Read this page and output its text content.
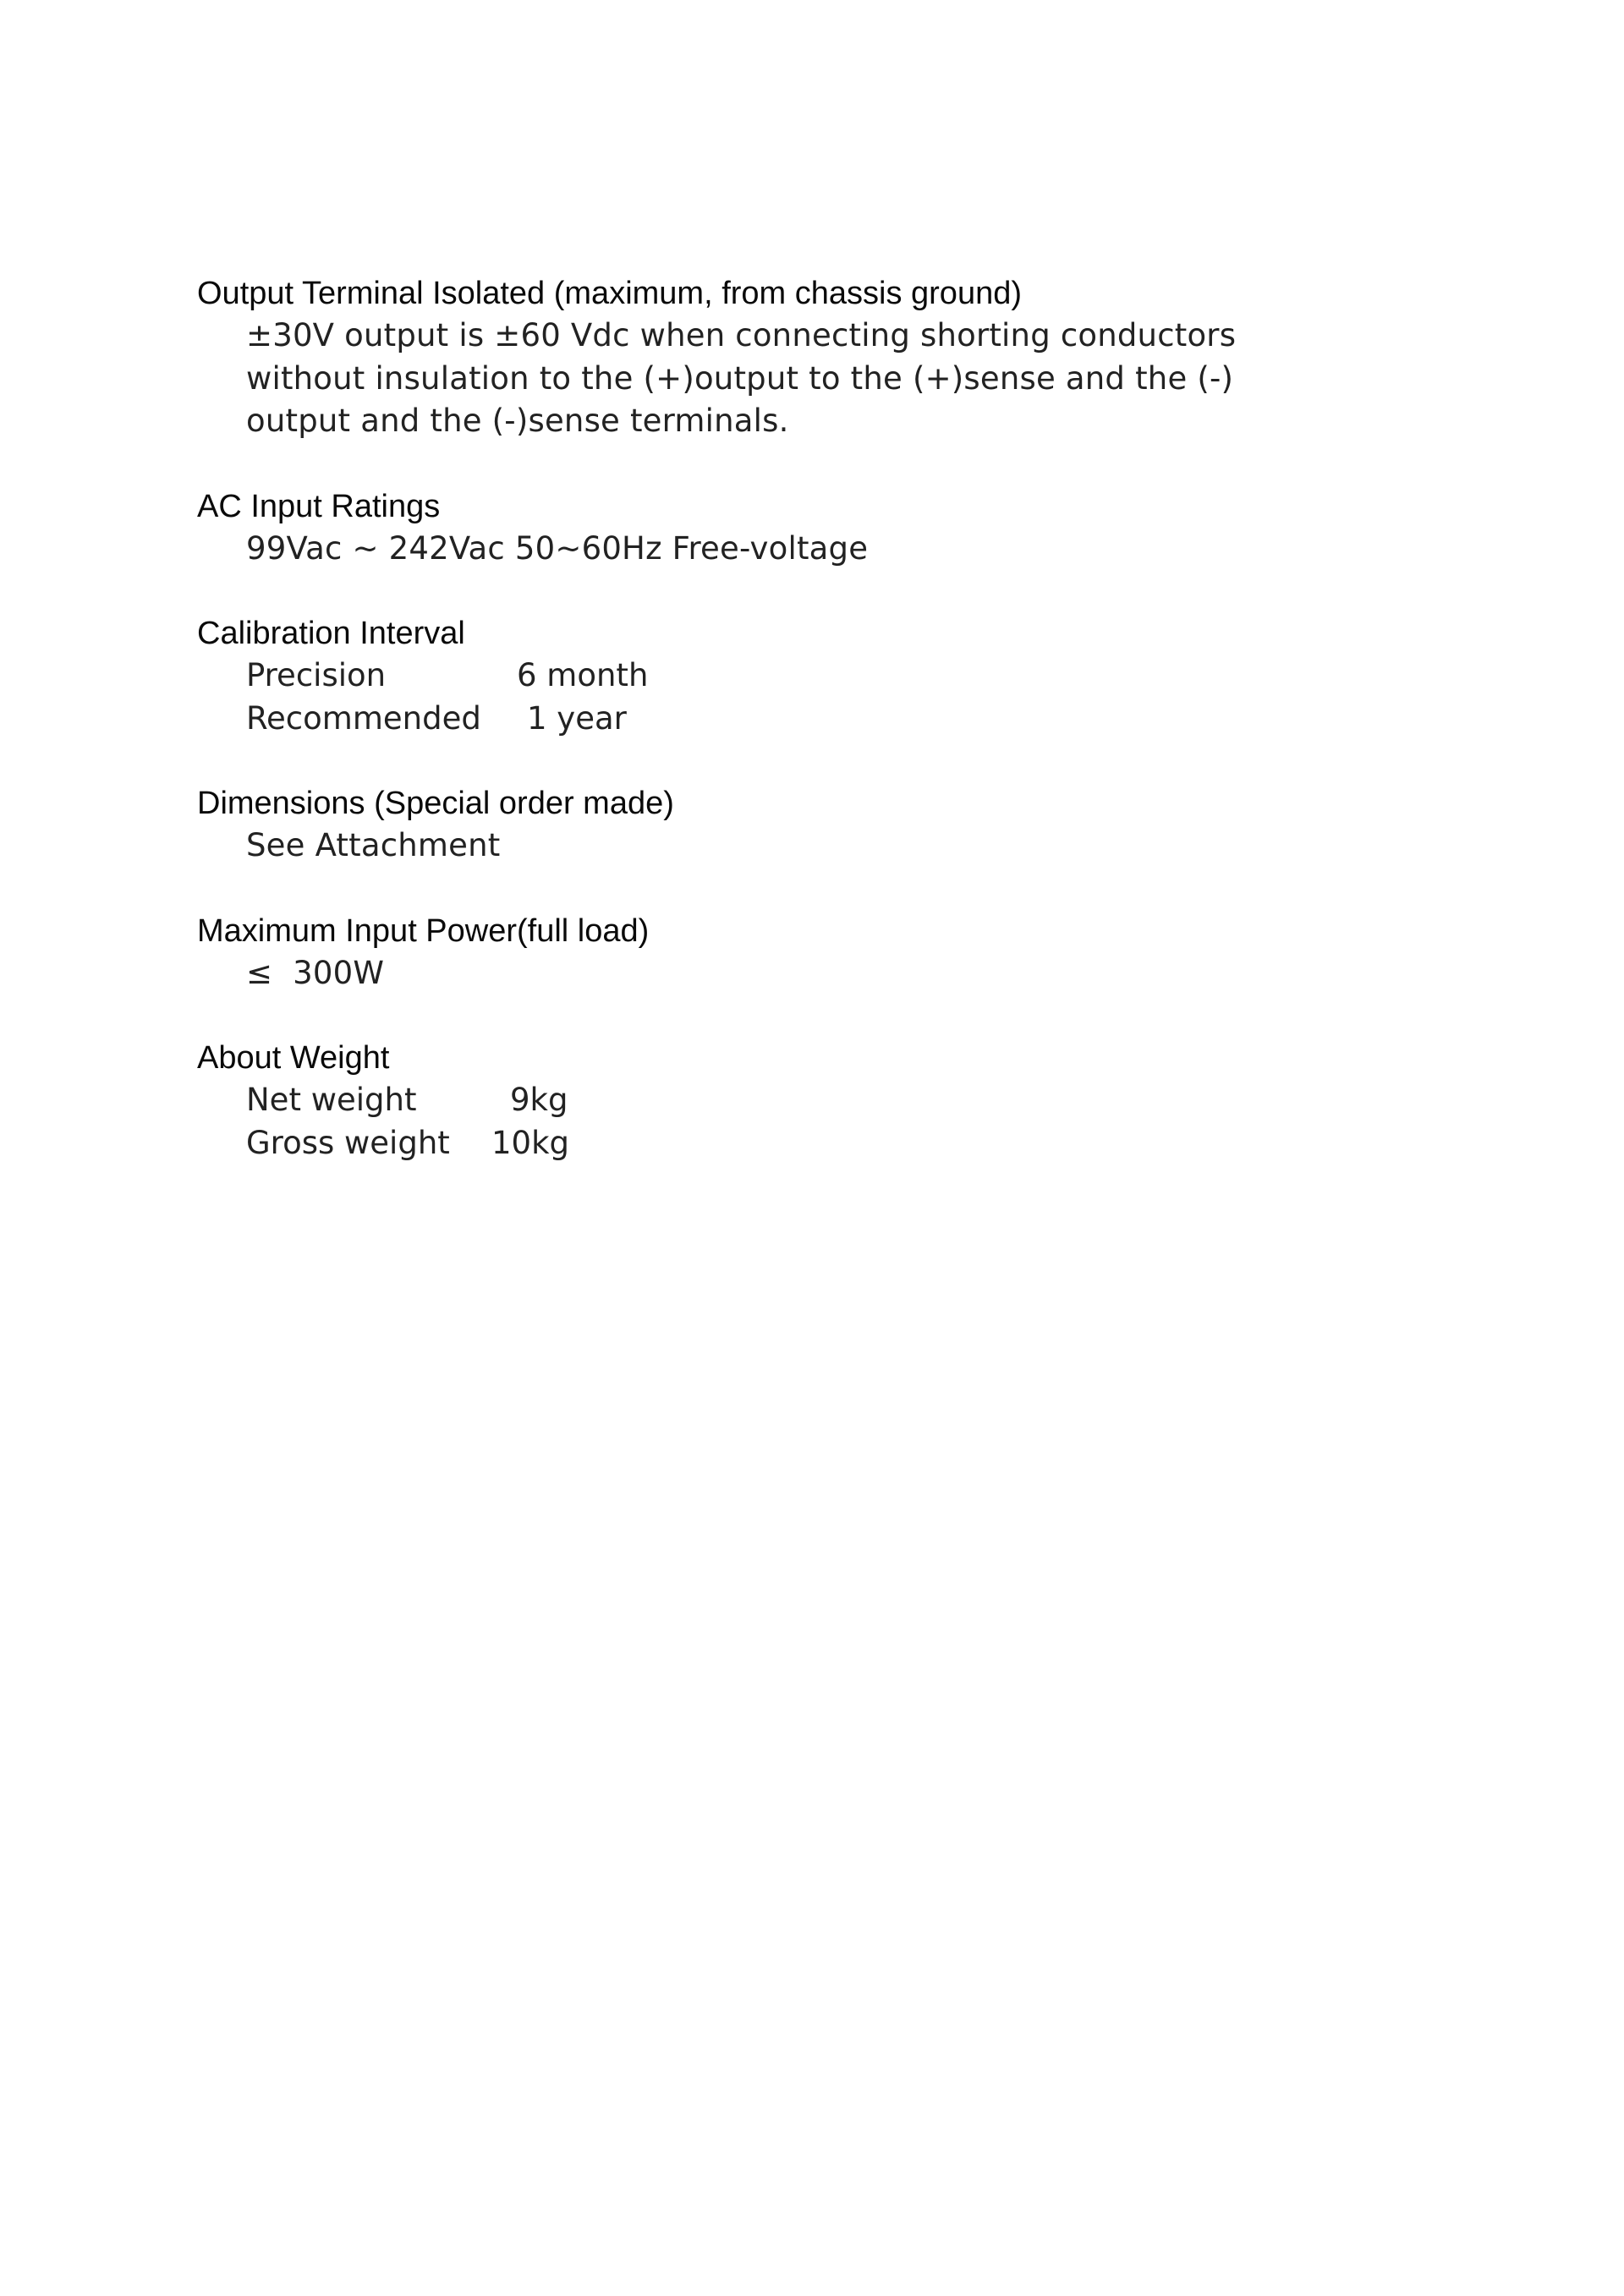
Output Terminal Isolated (maximum, from chassis ground)
±30V output is ±60 Vdc when connecting shorting conductors
without insulation to the (+)output to the (+)sense and the (-)
output and the (-)sense terminals.
AC Input Ratings
99Vac ~ 242Vac 50~60Hz Free-voltage
Calibration Interval
Precision	6 month
Recommended	1 year
Dimensions (Special order made)
See Attachment
Maximum Input Power(full load)
≤  300W
About Weight
Net weight	9kg
Gross weight	10kg
